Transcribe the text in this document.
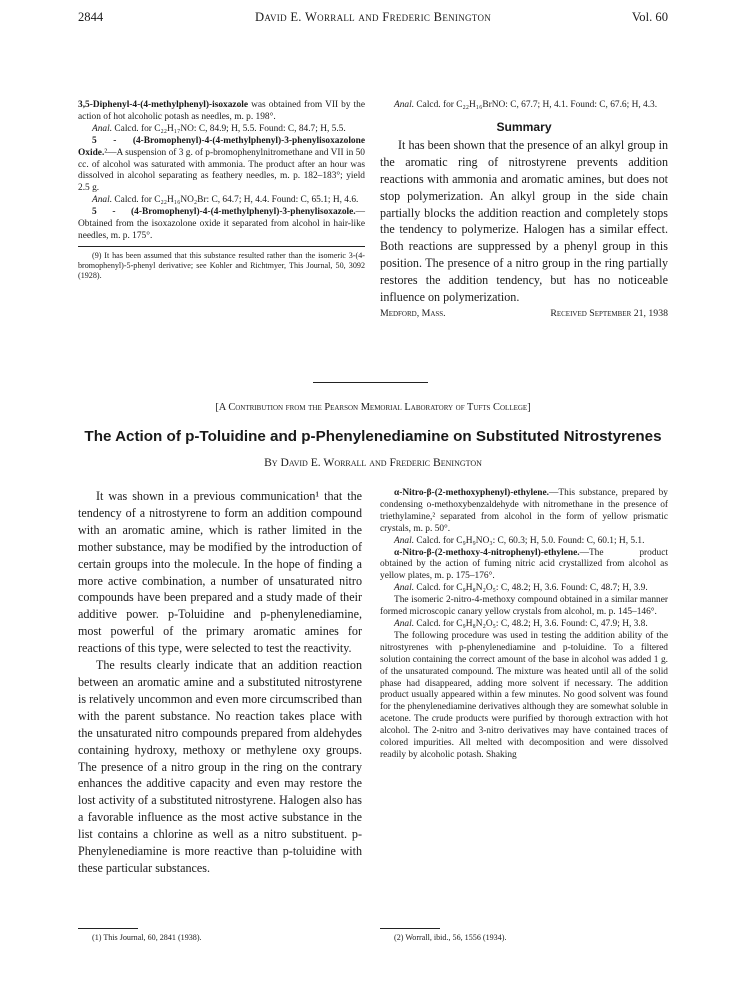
2844	David E. Worrall and Frederic Benington	Vol. 60

3,5-Diphenyl-4-(4-methylphenyl)-isoxazole was obtained from VII by the action of hot alcoholic potash as needles, m. p. 198°.

Anal. Calcd. for C₂₂H₁₇NO: C, 84.9; H, 5.5. Found: C, 84.7; H, 5.5.

5 - (4-Bromophenyl)-4-(4-methylphenyl)-3-phenylisoxazolone Oxide.²—A suspension of 3 g. of p-bromophenylnitromethane and VII in 50 cc. of alcohol was saturated with ammonia. The product after an hour was dissolved in alcohol separating as feathery needles, m. p. 182–183°; yield 2.5 g.

Anal. Calcd. for C₂₂H₁₆NO₂Br: C, 64.7; H, 4.4. Found: C, 65.1; H, 4.6.

5 - (4-Bromophenyl)-4-(4-methylphenyl)-3-phenylisoxazole.—Obtained from the isoxazolone oxide it separated from alcohol in hair-like needles, m. p. 175°.

(9) It has been assumed that this substance resulted rather than the isomeric 3-(4-bromophenyl)-5-phenyl derivative; see Kohler and Richtmyer, This Journal, 50, 3092 (1928).

Anal. Calcd. for C₂₂H₁₆BrNO: C, 67.7; H, 4.1. Found: C, 67.6; H, 4.3.

Summary

It has been shown that the presence of an alkyl group in the aromatic ring of nitrostyrene prevents addition reactions with ammonia and aromatic amines, but does not stop polymerization. An alkyl group in the side chain partially blocks the addition reaction and completely stops the tendency to polymerize. Halogen has a similar effect. Both reactions are suppressed by a phenyl group in this position. The presence of a nitro group in the ring partially restores the addition tendency, but has no noticeable influence on polymerization.

Medford, Mass.	Received September 21, 1938
[A Contribution from the Pearson Memorial Laboratory of Tufts College]
The Action of p-Toluidine and p-Phenylenediamine on Substituted Nitrostyrenes
By David E. Worrall and Frederic Benington

It was shown in a previous communication¹ that the tendency of a nitrostyrene to form an addition compound with an aromatic amine, which is rather limited in the mother substance, may be modified by the introduction of certain groups into the molecule. In the hope of finding a more active combination, a number of unsaturated nitro compounds have been prepared and a study made of their additive power. p-Toluidine and p-phenylenediamine, most powerful of the primary aromatic amines for reactions of this type, were selected to test the reactivity.

The results clearly indicate that an addition reaction between an aromatic amine and a substituted nitrostyrene is relatively uncommon and even more circumscribed than with the parent substance. No reaction takes place with the unsaturated nitro compounds prepared from aldehydes containing hydroxy, methoxy or methylene oxy groups. The presence of a nitro group in the ring on the contrary enhances the additive capacity and even may restore the lost activity of a substituted nitrostyrene. Halogen also has a favorable influence as the most active substance in the list contains a chlorine as well as a nitro substituent. p-Phenylenediamine is more reactive than p-toluidine with these particular substances.

α-Nitro-β-(2-methoxyphenyl)-ethylene.—This substance, prepared by condensing o-methoxybenzaldehyde with nitromethane in the presence of triethylamine,² separated from alcohol in the form of yellow prismatic crystals, m. p. 50°.

Anal. Calcd. for C₉H₉NO₃: C, 60.3; H, 5.0. Found: C, 60.1; H, 5.1.

α-Nitro-β-(2-methoxy-4-nitrophenyl)-ethylene.—The product obtained by the action of fuming nitric acid crystallized from alcohol as yellow plates, m. p. 175–176°.

Anal. Calcd. for C₉H₈N₂O₅: C, 48.2; H, 3.6. Found: C, 48.7; H, 3.9.

The isomeric 2-nitro-4-methoxy compound obtained in a similar manner formed microscopic canary yellow crystals from alcohol, m. p. 145–146°.

Anal. Calcd. for C₉H₈N₂O₅: C, 48.2; H, 3.6. Found: C, 47.9; H, 3.8.

The following procedure was used in testing the addition ability of the nitrostyrenes with p-phenylenediamine and p-toluidine. To a filtered solution containing the correct amount of the base in alcohol was added 1 g. of the unsaturated compound. The mixture was heated until all of the solid phase had disappeared, adding more solvent if necessary. The addition product usually appeared within a few minutes. No good solvent was found for the phenylenediamine derivatives although they are somewhat soluble in acetone. The crude products were purified by thorough extraction with hot alcohol. The 2-nitro and 3-nitro derivatives may have contained traces of colored impurities. All melted with decomposition and were dissolved readily by alcoholic potash. Shaking

(1) This Journal, 60, 2841 (1938).	(2) Worrall, ibid., 56, 1556 (1934).
